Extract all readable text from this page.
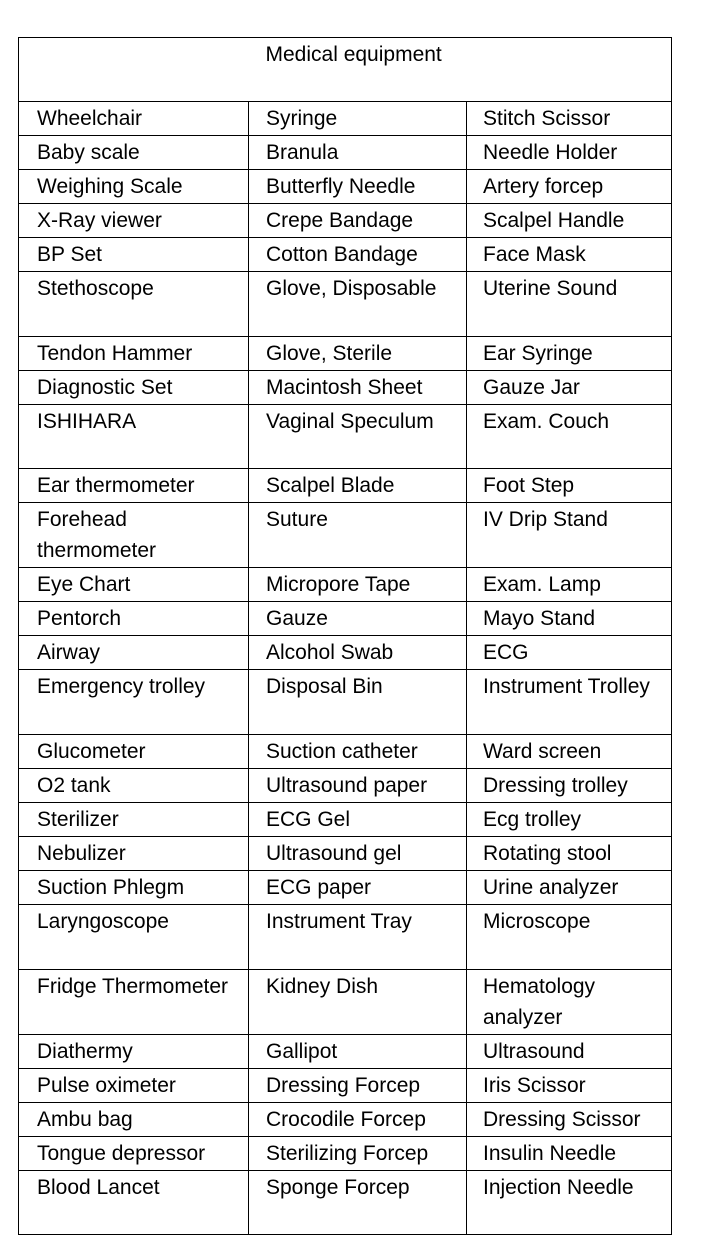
	Medical equipment	
Wheelchair	Syringe	Stitch Scissor
Baby scale	Branula	Needle Holder
Weighing Scale	Butterfly Needle	Artery forcep
X-Ray viewer	Crepe Bandage	Scalpel Handle
BP Set	Cotton Bandage	Face Mask
Stethoscope	Glove, Disposable	Uterine Sound
Tendon Hammer	Glove, Sterile	Ear Syringe
Diagnostic Set	Macintosh Sheet	Gauze Jar
ISHIHARA	Vaginal Speculum	Exam. Couch
Ear thermometer	Scalpel Blade	Foot Step
Forehead thermometer	Suture	IV Drip Stand
Eye Chart	Micropore Tape	Exam. Lamp
Pentorch	Gauze	Mayo Stand
Airway	Alcohol Swab	ECG
Emergency trolley	Disposal Bin	Instrument Trolley
Glucometer	Suction catheter	Ward screen
O2 tank	Ultrasound paper	Dressing trolley
Sterilizer	ECG Gel	Ecg trolley
Nebulizer	Ultrasound gel	Rotating stool
Suction Phlegm	ECG paper	Urine analyzer
Laryngoscope	Instrument Tray	Microscope
Fridge Thermometer	Kidney Dish	Hematology analyzer
Diathermy	Gallipot	Ultrasound
Pulse oximeter	Dressing Forcep	Iris Scissor
Ambu bag	Crocodile Forcep	Dressing Scissor
Tongue depressor	Sterilizing Forcep	Insulin Needle
Blood Lancet	Sponge Forcep	Injection Needle
